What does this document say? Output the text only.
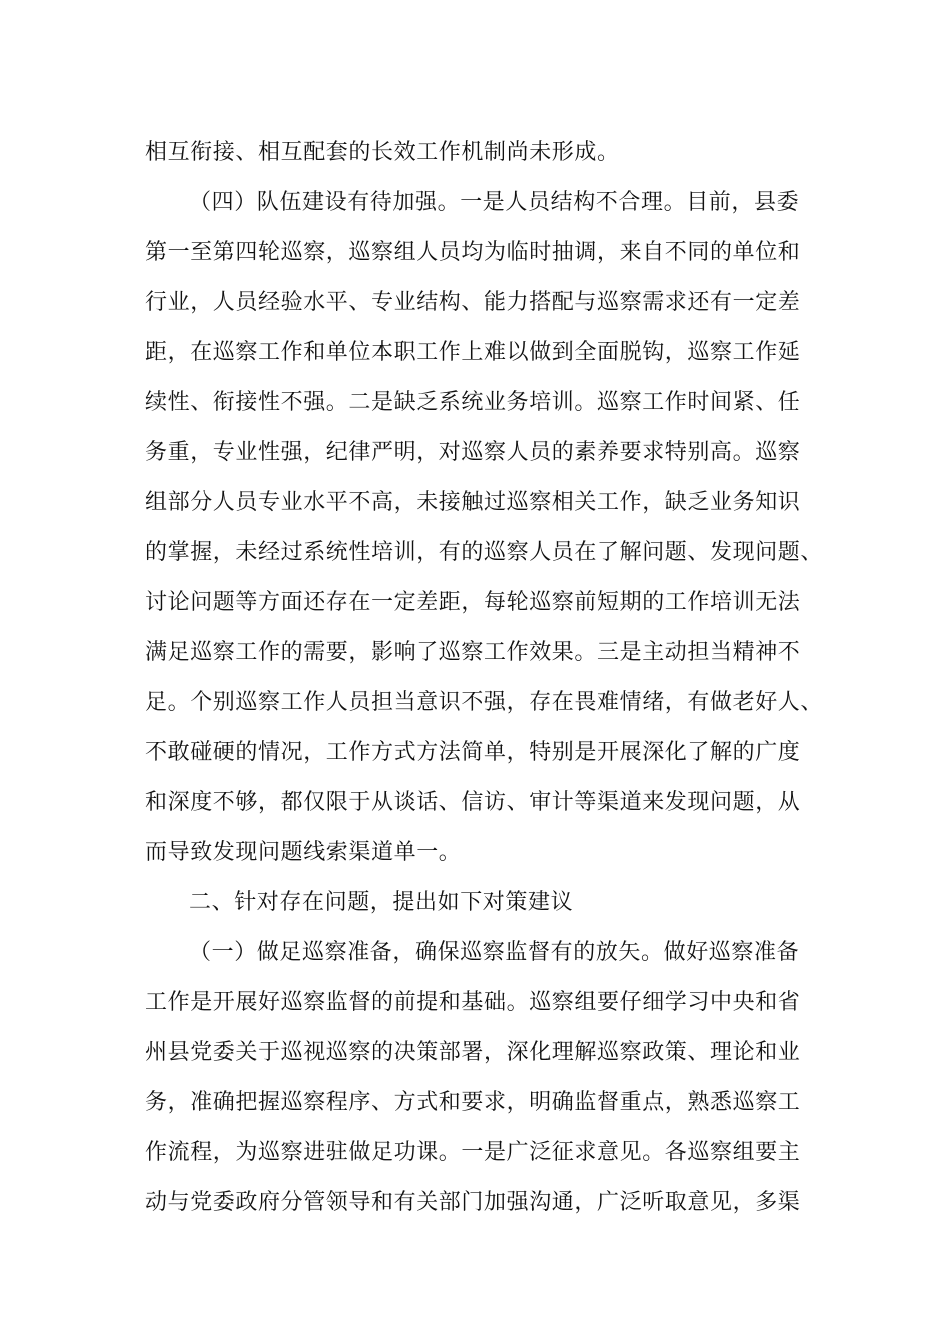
相互衔接、相互配套的长效工作机制尚未形成。
（四）队伍建设有待加强。一是人员结构不合理。目前，县委
第一至第四轮巡察，巡察组人员均为临时抽调，来自不同的单位和
行业，人员经验水平、专业结构、能力搭配与巡察需求还有一定差
距，在巡察工作和单位本职工作上难以做到全面脱钩，巡察工作延
续性、衔接性不强。二是缺乏系统业务培训。巡察工作时间紧、任
务重，专业性强，纪律严明，对巡察人员的素养要求特别高。巡察
组部分人员专业水平不高，未接触过巡察相关工作，缺乏业务知识
的掌握，未经过系统性培训，有的巡察人员在了解问题、发现问题、
讨论问题等方面还存在一定差距，每轮巡察前短期的工作培训无法
满足巡察工作的需要，影响了巡察工作效果。三是主动担当精神不
足。个别巡察工作人员担当意识不强，存在畏难情绪，有做老好人、
不敢碰硬的情况，工作方式方法简单，特别是开展深化了解的广度
和深度不够，都仅限于从谈话、信访、审计等渠道来发现问题，从
而导致发现问题线索渠道单一。
二、针对存在问题，提出如下对策建议
（一）做足巡察准备，确保巡察监督有的放矢。做好巡察准备
工作是开展好巡察监督的前提和基础。巡察组要仔细学习中央和省
州县党委关于巡视巡察的决策部署，深化理解巡察政策、理论和业
务，准确把握巡察程序、方式和要求，明确监督重点，熟悉巡察工
作流程，为巡察进驻做足功课。一是广泛征求意见。各巡察组要主
动与党委政府分管领导和有关部门加强沟通，广泛听取意见，多渠
